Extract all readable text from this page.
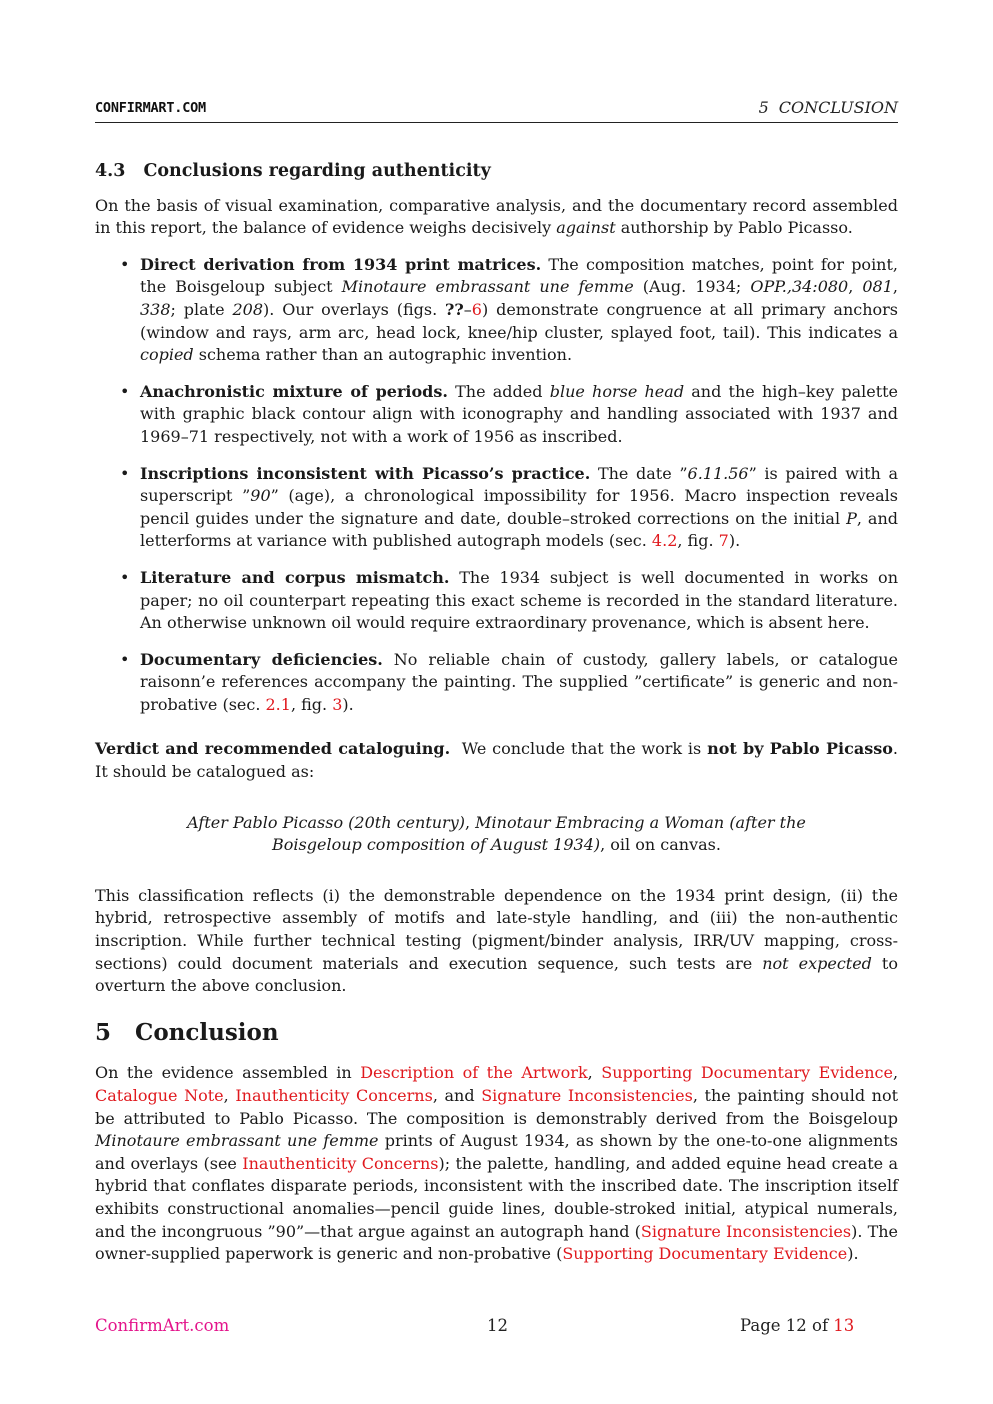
CONFIRMART.COM	5 CONCLUSION
4.3 Conclusions regarding authenticity

On the basis of visual examination, comparative analysis, and the documentary record assembled in this report, the balance of evidence weighs decisively against authorship by Pablo Picasso.

• Direct derivation from 1934 print matrices. The composition matches, point for point, the Boisgeloup subject Minotaure embrassant une femme (Aug. 1934; OPP.,34:080, 081, 338; plate 208). Our overlays (figs. ??–6) demonstrate congruence at all primary anchors (window and rays, arm arc, head lock, knee/hip cluster, splayed foot, tail). This indicates a copied schema rather than an autographic invention.
• Anachronistic mixture of periods. The added blue horse head and the high–key palette with graphic black contour align with iconography and handling associated with 1937 and 1969–71 respectively, not with a work of 1956 as inscribed.
• Inscriptions inconsistent with Picasso’s practice. The date ”6.11.56” is paired with a superscript ”90” (age), a chronological impossibility for 1956. Macro inspection reveals pencil guides under the signature and date, double–stroked corrections on the initial P, and letterforms at variance with published autograph models (sec. 4.2, fig. 7).
• Literature and corpus mismatch. The 1934 subject is well documented in works on paper; no oil counterpart repeating this exact scheme is recorded in the standard literature. An otherwise unknown oil would require extraordinary provenance, which is absent here.
• Documentary deficiencies. No reliable chain of custody, gallery labels, or catalogue raisonn’e references accompany the painting. The supplied ”certificate” is generic and non-probative (sec. 2.1, fig. 3).

Verdict and recommended cataloguing.  We conclude that the work is not by Pablo Picasso. It should be catalogued as:

After Pablo Picasso (20th century), Minotaur Embracing a Woman (after the Boisgeloup composition of August 1934), oil on canvas.

This classification reflects (i) the demonstrable dependence on the 1934 print design, (ii) the hybrid, retrospective assembly of motifs and late-style handling, and (iii) the non-authentic inscription. While further technical testing (pigment/binder analysis, IRR/UV mapping, cross-sections) could document materials and execution sequence, such tests are not expected to overturn the above conclusion.

5 Conclusion

On the evidence assembled in Description of the Artwork, Supporting Documentary Evidence, Catalogue Note, Inauthenticity Concerns, and Signature Inconsistencies, the painting should not be attributed to Pablo Picasso. The composition is demonstrably derived from the Boisgeloup Minotaure embrassant une femme prints of August 1934, as shown by the one-to-one alignments and overlays (see Inauthenticity Concerns); the palette, handling, and added equine head create a hybrid that conflates disparate periods, inconsistent with the inscribed date. The inscription itself exhibits constructional anomalies—pencil guide lines, double-stroked initial, atypical numerals, and the incongruous ”90”—that argue against an autograph hand (Signature Inconsistencies). The owner-supplied paperwork is generic and non-probative (Supporting Documentary Evidence).

ConfirmArt.com	12	Page 12 of 13
